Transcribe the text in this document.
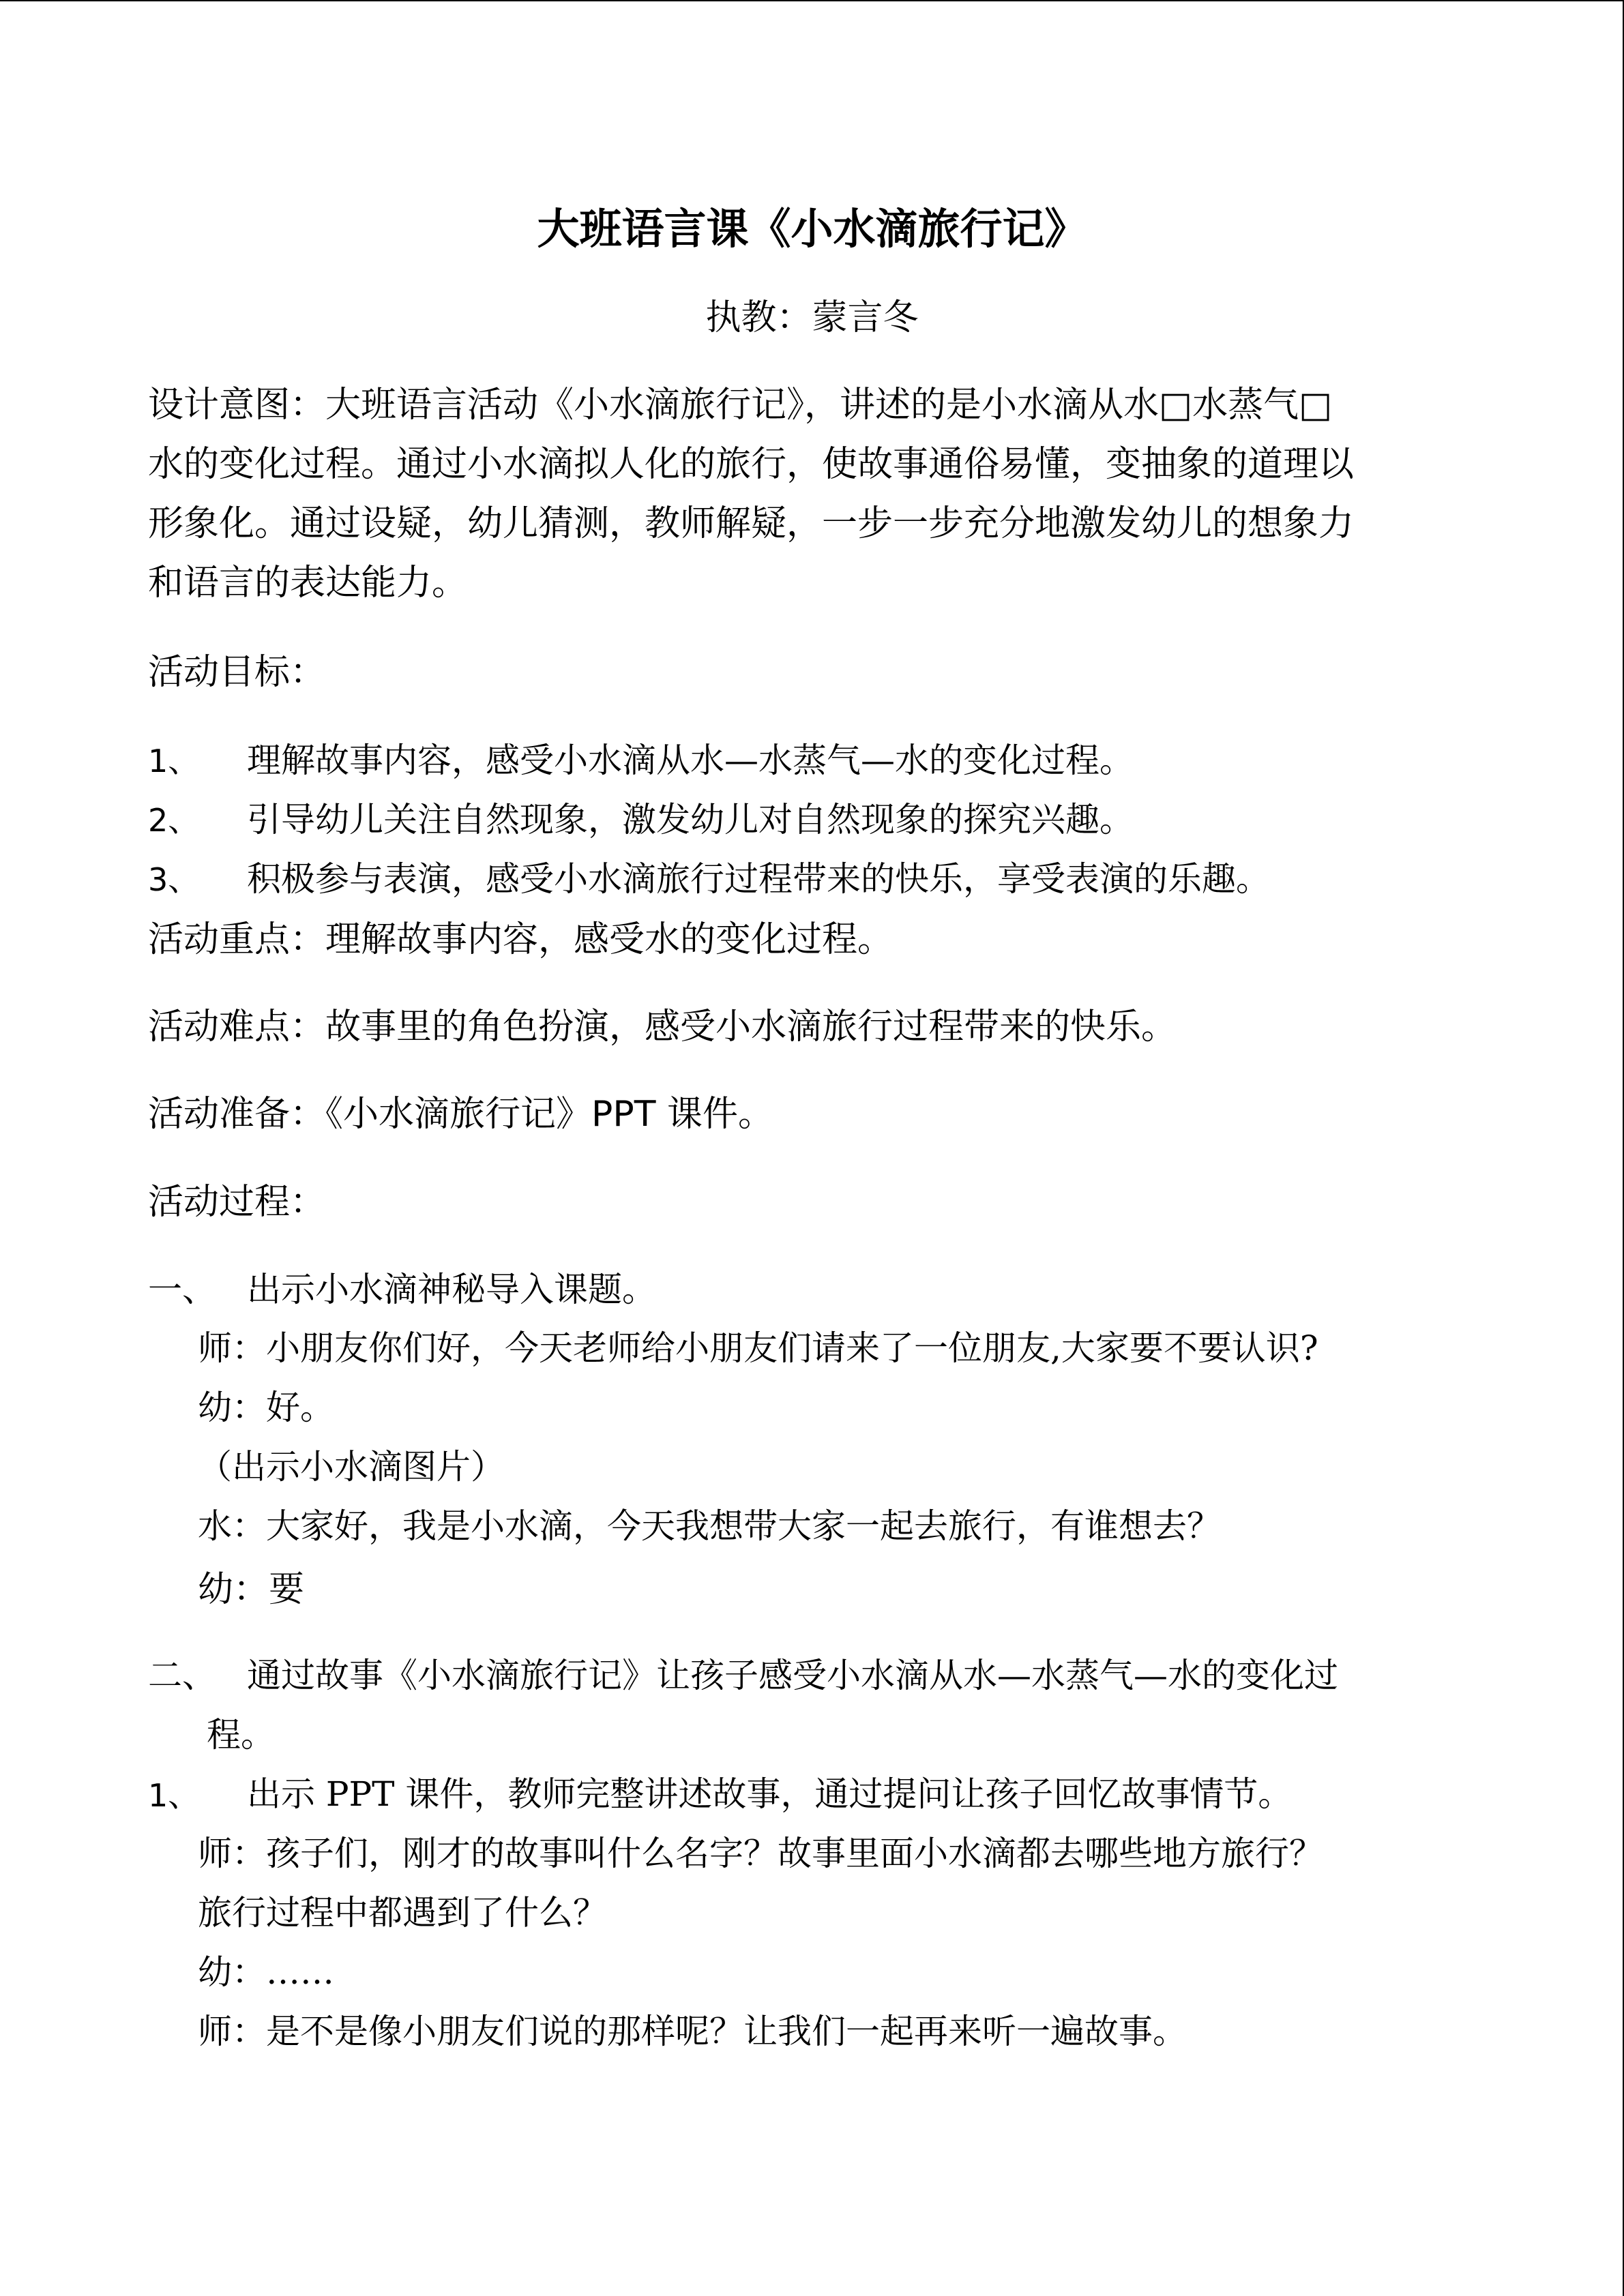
大班语言课《小水滴旅行记》
执教：蒙言冬
设计意图：大班语言活动《小水滴旅行记》，讲述的是小水滴从水□水蒸气□
水的变化过程。通过小水滴拟人化的旅行，使故事通俗易懂，变抽象的道理以
形象化。通过设疑，幼儿猜测，教师解疑，一步一步充分地激发幼儿的想象力
和语言的表达能力。
活动目标：
1、 理解故事内容，感受小水滴从水—水蒸气—水的变化过程。
2、 引导幼儿关注自然现象，激发幼儿对自然现象的探究兴趣。
3、 积极参与表演，感受小水滴旅行过程带来的快乐，享受表演的乐趣。
活动重点：理解故事内容，感受水的变化过程。
活动难点：故事里的角色扮演，感受小水滴旅行过程带来的快乐。
活动准备：《小水滴旅行记》PPT 课件。
活动过程：
一、 出示小水滴神秘导入课题。
师：小朋友你们好，今天老师给小朋友们请来了一位朋友,大家要不要认识?
幼：好。
（出示小水滴图片）
水：大家好，我是小水滴，今天我想带大家一起去旅行，有谁想去？
幼：要
二、 通过故事《小水滴旅行记》让孩子感受小水滴从水—水蒸气—水的变化过
程。
1、 出示 PPT 课件，教师完整讲述故事，通过提问让孩子回忆故事情节。
师：孩子们，刚才的故事叫什么名字？故事里面小水滴都去哪些地方旅行？
旅行过程中都遇到了什么？
幼：……
师：是不是像小朋友们说的那样呢？让我们一起再来听一遍故事。
